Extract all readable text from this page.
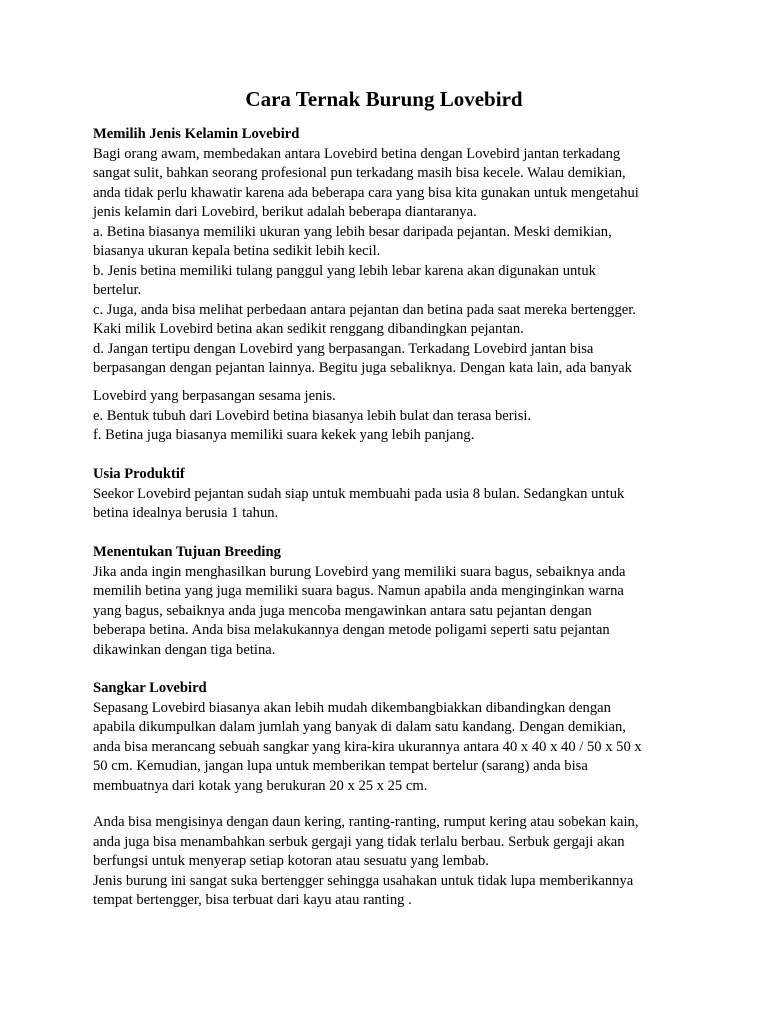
Cara Ternak Burung Lovebird
Memilih Jenis Kelamin Lovebird
Bagi orang awam, membedakan antara Lovebird betina dengan Lovebird jantan terkadang
sangat sulit, bahkan seorang profesional pun terkadang masih bisa kecele. Walau demikian,
anda tidak perlu khawatir karena ada beberapa cara yang bisa kita gunakan untuk mengetahui
jenis kelamin dari Lovebird, berikut adalah beberapa diantaranya.
a. Betina biasanya memiliki ukuran yang lebih besar daripada pejantan. Meski demikian,
biasanya ukuran kepala betina sedikit lebih kecil.
b. Jenis betina memiliki tulang panggul yang lebih lebar karena akan digunakan untuk
bertelur.
c. Juga, anda bisa melihat perbedaan antara pejantan dan betina pada saat mereka bertengger.
Kaki milik Lovebird betina akan sedikit renggang dibandingkan pejantan.
d. Jangan tertipu dengan Lovebird yang berpasangan. Terkadang Lovebird jantan bisa
berpasangan dengan pejantan lainnya. Begitu juga sebaliknya. Dengan kata lain, ada banyak
Lovebird yang berpasangan sesama jenis.
e. Bentuk tubuh dari Lovebird betina biasanya lebih bulat dan terasa berisi.
f. Betina juga biasanya memiliki suara kekek yang lebih panjang.
Usia Produktif
Seekor Lovebird pejantan sudah siap untuk membuahi pada usia 8 bulan. Sedangkan untuk
betina idealnya berusia 1 tahun.
Menentukan Tujuan Breeding
Jika anda ingin menghasilkan burung Lovebird yang memiliki suara bagus, sebaiknya anda
memilih betina yang juga memiliki suara bagus. Namun apabila anda menginginkan warna
yang bagus, sebaiknya anda juga mencoba mengawinkan antara satu pejantan dengan
beberapa betina. Anda bisa melakukannya dengan metode poligami seperti satu pejantan
dikawinkan dengan tiga betina.
Sangkar Lovebird
Sepasang Lovebird biasanya akan lebih mudah dikembangbiakkan dibandingkan dengan
apabila dikumpulkan dalam jumlah yang banyak di dalam satu kandang. Dengan demikian,
anda bisa merancang sebuah sangkar yang kira-kira ukurannya antara 40 x 40 x 40 / 50 x 50 x
50 cm. Kemudian, jangan lupa untuk memberikan tempat bertelur (sarang) anda bisa
membuatnya dari kotak yang berukuran 20 x 25 x 25 cm.
Anda bisa mengisinya dengan daun kering, ranting-ranting, rumput kering atau sobekan kain,
anda juga bisa menambahkan serbuk gergaji yang tidak terlalu berbau. Serbuk gergaji akan
berfungsi untuk menyerap setiap kotoran atau sesuatu yang lembab.
Jenis burung ini sangat suka bertengger sehingga usahakan untuk tidak lupa memberikannya
tempat bertengger, bisa terbuat dari kayu atau ranting .
